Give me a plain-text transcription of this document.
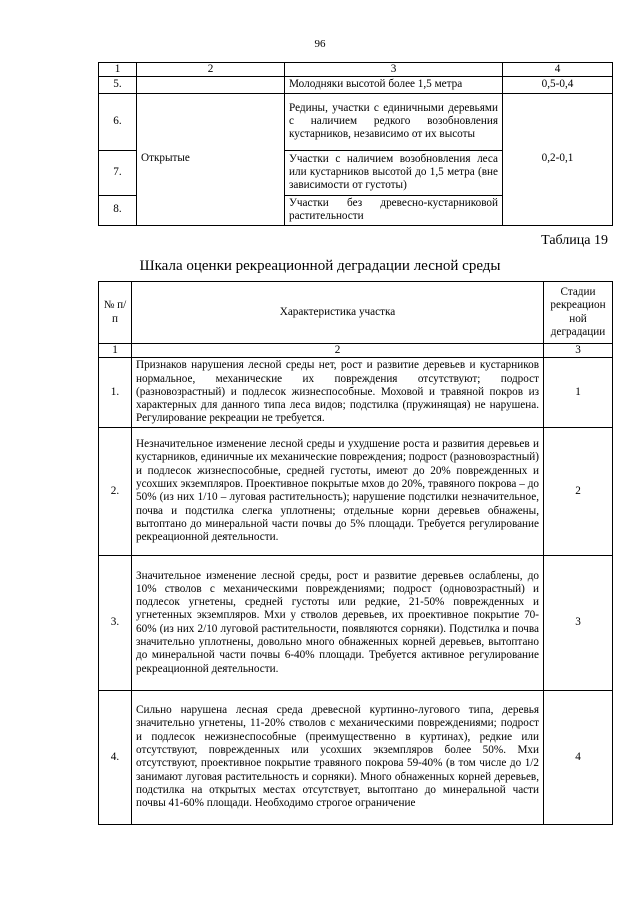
96
1	2	3	4
5.		Молодняки высотой более 1,5 метра	0,5-0,4
6.	Открытые	Редины, участки с единичными деревьями с наличием редкого возобновления кустарников, независимо от их высоты	0,2-0,1
7.		Участки с наличием возобновления леса или кустарников высотой до 1,5 метра (вне зависимости от густоты)	
8.		Участки без древесно-кустарниковой растительности	
Таблица 19
Шкала оценки рекреационной деградации лесной среды
№ п/п	Характеристика участка	Стадии рекреацион ной деградации
1	2	3
1.	Признаков нарушения лесной среды нет, рост и развитие деревьев и кустарников нормальное, механические их повреждения отсутствуют; подрост (разновозрастный) и подлесок жизнеспособные. Моховой и травяной покров из характерных для данного типа леса видов; подстилка (пружинящая) не нарушена. Регулирование рекреации не требуется.	1
2.	Незначительное изменение лесной среды и ухудшение роста и развития деревьев и кустарников, единичные их механические повреждения; подрост (разновозрастный) и подлесок жизнеспособные, средней густоты, имеют до 20% поврежденных и усохших экземпляров. Проективное покрытые мхов до 20%, травяного покрова – до 50% (из них 1/10 – луговая растительность); нарушение подстилки незначительное, почва и подстилка слегка уплотнены; отдельные корни деревьев обнажены, вытоптано до минеральной части почвы до 5% площади. Требуется регулирование рекреационной деятельности.	2
3.	Значительное изменение лесной среды, рост и развитие деревьев ослаблены, до 10% стволов с механическими повреждениями; подрост (одновозрастный) и подлесок угнетены, средней густоты или редкие, 21-50% поврежденных и угнетенных экземпляров. Мхи у стволов деревьев, их проективное покрытие 70-60% (из них 2/10 луговой растительности, появляются сорняки). Подстилка и почва значительно уплотнены, довольно много обнаженных корней деревьев, вытоптано до минеральной части почвы 6-40% площади. Требуется активное регулирование рекреационной деятельности.	3
4.	Сильно нарушена лесная среда древесной куртинно-лугового типа, деревья значительно угнетены, 11-20% стволов с механическими повреждениями; подрост и подлесок нежизнеспособные (преимущественно в куртинах), редкие или отсутствуют, поврежденных или усохших экземпляров более 50%. Мхи отсутствуют, проективное покрытие травяного покрова 59-40% (в том числе до 1/2 занимают луговая растительность и сорняки). Много обнаженных корней деревьев, подстилка на открытых местах отсутствует, вытоптано до минеральной части почвы 41-60% площади. Необходимо строгое ограничение	4
